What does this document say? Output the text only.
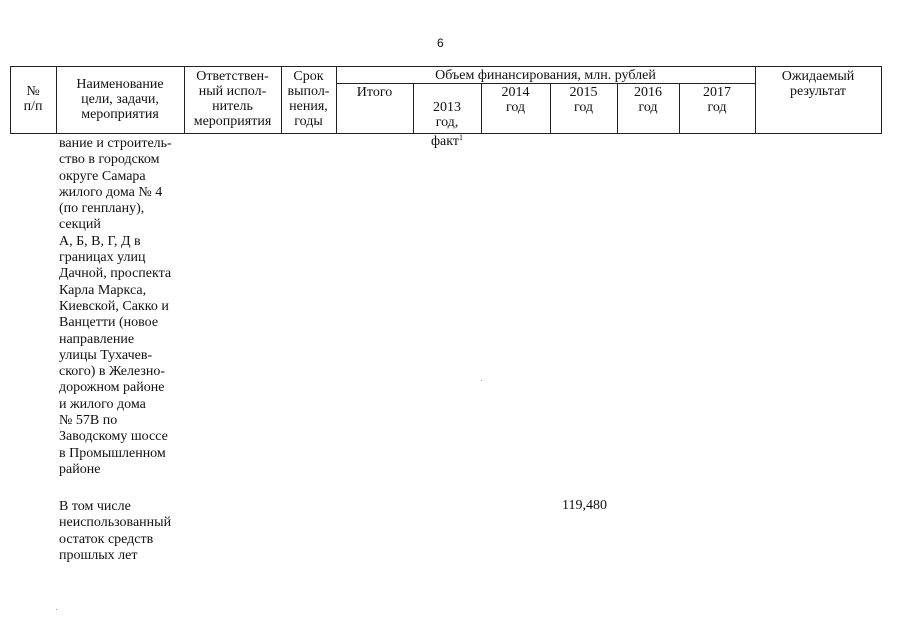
6
№
п/п
Наименование
цели, задачи,
мероприятия
Ответствен-
ный испол-
нитель
мероприятия
Срок
выпол-
нения,
годы
Объем финансирования, млн. рублей
Итого

2013
год,
факт$^1$

2014
год
2015
год
2016
год
2017
год
Ожидаемый
результат
вание и строитель-
ство в городском
округе Самара
жилого дома № 4
(по генплану),
секций
А, Б, В, Г, Д в
границах улиц
Дачной, проспекта
Карла Маркса,
Киевской, Сакко и
Ванцетти (новое
направление
улицы Тухачев-
ского) в Железно-
дорожном районе
и жилого дома
№ 57В по
Заводскому шоссе
в Промышленном
районе
В том числе
неиспользованный
остаток средств
прошлых лет
119,480
